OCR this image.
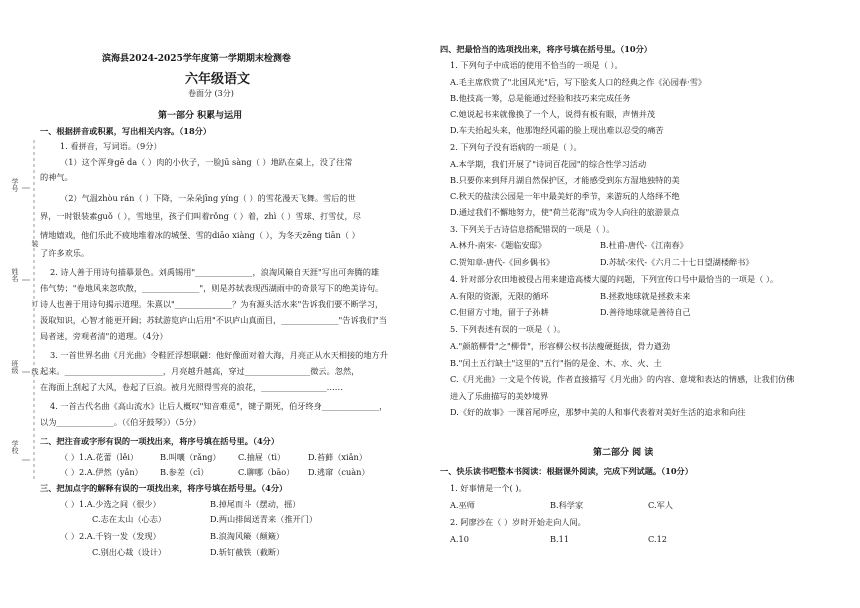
学号
姓名
班级
学校
装
订
线
滨海县2024-2025学年度第一学期期末检测卷
六年级语文
卷面分 (3分)
第一部分 积累与运用
一、根据拼音或积累，写出相关内容。（18分）
1. 看拼音，写词语。（9分）
（1）这个浑身gē da（ ）肉的小伙子，一脸jū sàng（ ）地趴在桌上，没了往常
的神气。
（2）气温zhòu rán（ ）下降，一朵朵jīng yíng（ ）的雪花漫天飞舞。雪后的世
界，一时银装素guǒ（ ），雪地里，孩子们叫着rǒng（ ）着，zhì（ ）雪球、打雪仗，尽
情地嬉戏，他们乐此不疲地堆着冰的城堡、雪的diāo xiàng（ ），为冬天zēng tiān（ ）
了许多欢乐。
2. 诗人善于用诗句描摹景色。刘禹锡用"______________，浪淘风簸自天涯"写出可奔腾的雄
伟气势；"卷地风来忽吹散，______________"，则是苏轼表现西湖雨中的奇景写下的绝美诗句。
诗人也善于用诗句揭示道理。朱熹以"______________？为有源头活水来"告诉我们要不断学习，
汲取知识，心智才能更开阔；苏轼游览庐山后用"不识庐山真面目，______________"告诉我们"当
局者迷，旁观者清"的道理。（4分）
3. 一首世界名曲《月光曲》令鞋匠浮想联翩：他好像面对着大海，月亮正从水天相接的地方升
起来。________________________，月亮越升越高，穿过________________微云。忽然，
在海面上刮起了大风，卷起了巨浪。被月光照得雪亮的浪花，________________……
4. 一首古代名曲《高山流水》让后人概叹"知音难觅"，键子期死，伯牙终身______________，
以为______________。（《伯牙鼓琴》）（5分）
二、把注音或字形有误的一项找出来，将序号填在括号里。（4分）
（ ）1.A.花蕾（lěi）	B.叫嚷（rǎng） C.抽屉（tì）	D.苔藓（xiǎn）
（ ）2.A.伊然（yǎn） B.参差（cī）	C.聊哪（bāo） D.逃窜（cuàn）
三、把加点字的解释有误的一项找出来，将序号填在括号里。（4分）
（ ）1.A.少选之间（很少）	B.掉尾而斗（摆动，摇）
C.志在太山（心志）	D.两山排闼送青来（推开门）
（ ）2.A.千钧一发（发现）	B.浪淘风簸（颠簸）
C.别出心裁（设计）	D.斩钉截铁（截断）
四、把最恰当的选项找出来，将序号填在括号里。（10分）
1. 下列句子中成语的使用不恰当的一项是（ ）。
A.毛主席欣赏了"北国风光"后，写下脍炙人口的经典之作《沁园春·雪》
B.他技高一筹，总是能通过经验和技巧来完成任务
C.她说起书来就像换了一个人，说得有板有眼，声情并茂
D.车夫抬起头来，他那饱经风霜的脸上现出难以忍受的痛苦
2. 下列句子没有语病的一项是（ ）。
A.本学期，我们开展了"诗词百花园"的综合性学习活动
B.只要你来到拜月湖自然保护区，才能感受到东方湿地独特的美
C.秋天的盐渎公园是一年中最美好的季节，来游玩的人络绎不绝
D.通过我们不懈地努力，使"荷兰花海"成为令人向往的旅游景点
3. 下列关于古诗信息搭配错误的一项是（ ）。
A.林升-南宋-《题临安邸》	B.杜甫-唐代-《江南春》
C.贺知章-唐代-《回乡偶书》	D.苏轼-宋代-《六月二十七日望湖楼醉书》
4. 针对部分农田地被侵占用来建造高楼大厦的问题，下列宣传口号中最恰当的一项是（ ）。
A.有限的资源，无限的循环	B.拯救地球就是拯救未来
C.但留方寸地，留于子孙耕	D.善待地球就是善待自己
5. 下列表述有误的一项是（ ）。
A."颜筋柳骨"之"柳骨"，形容柳公权书法瘦硬挺拔，骨力遒劲
B."闰土五行缺土"这里的"五行"指的是金、木、水、火、土
C.《月光曲》一文是个传说，作者直接描写《月光曲》的内容、意境和表达的情感，让我们仿佛
进入了乐曲描写的美妙境界
D.《好的故事》一课首尾呼应，那梦中美的人和事代表着对美好生活的追求和向往
第二部分 阅 读
一、快乐读书吧整本书阅读：根据课外阅读，完成下列试题。（10分）
1. 好事情是一个( )。
A.巫师	B.科学家	C.军人
2. 阿廖沙在（ ）岁时开始走向人间。
A.10	B.11	C.12
